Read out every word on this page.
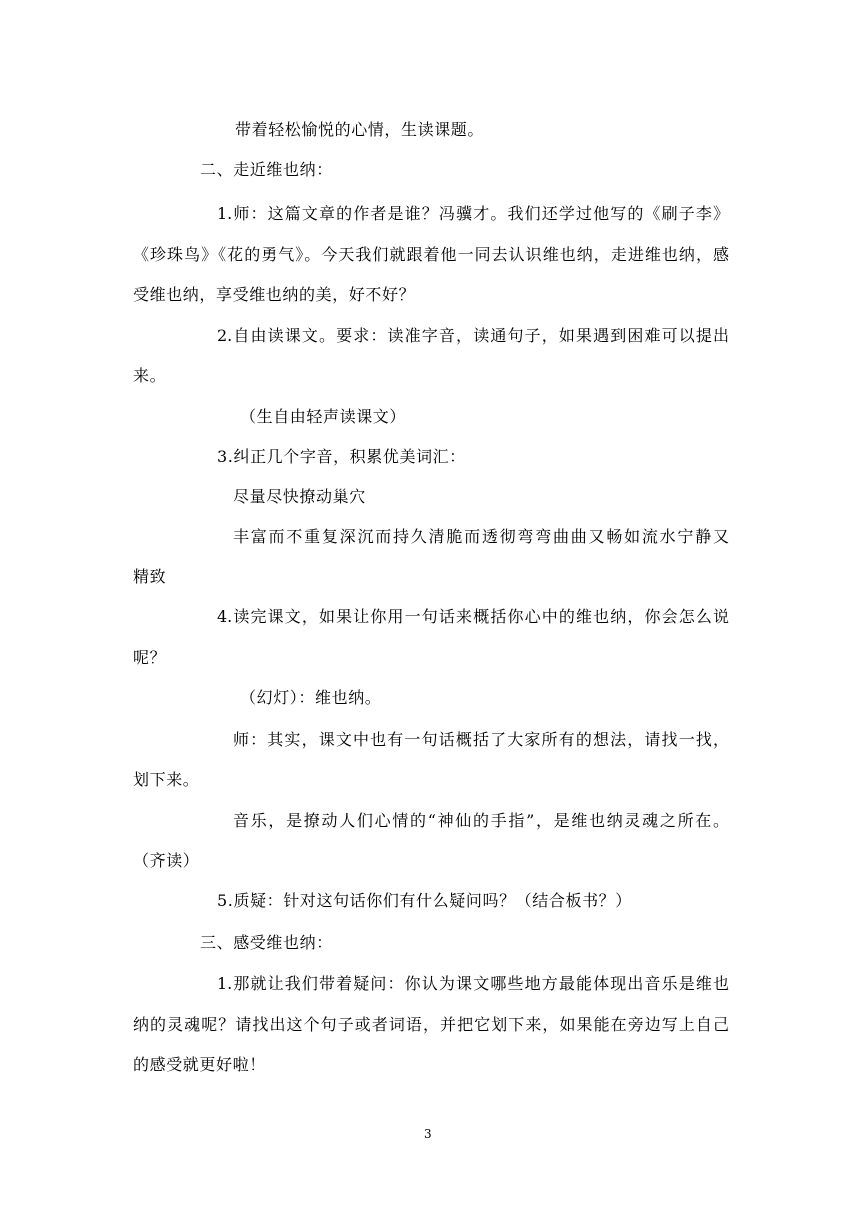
带着轻松愉悦的心情，生读课题。
二、走近维也纳：
1.师：这篇文章的作者是谁？冯骥才。我们还学过他写的《刷子李》
《珍珠鸟》《花的勇气》。今天我们就跟着他一同去认识维也纳，走进维也纳，感
受维也纳，享受维也纳的美，好不好？
2.自由读课文。要求：读准字音，读通句子，如果遇到困难可以提出
来。
（生自由轻声读课文）
3.纠正几个字音，积累优美词汇：
尽量尽快撩动巢穴
丰富而不重复深沉而持久清脆而透彻弯弯曲曲又畅如流水宁静又
精致
4.读完课文，如果让你用一句话来概括你心中的维也纳，你会怎么说
呢？
（幻灯）：维也纳。
师：其实，课文中也有一句话概括了大家所有的想法，请找一找，
划下来。
音乐，是撩动人们心情的“神仙的手指”，是维也纳灵魂之所在。
（齐读）
5.质疑：针对这句话你们有什么疑问吗？（结合板书？）
三、感受维也纳：
1.那就让我们带着疑问：你认为课文哪些地方最能体现出音乐是维也
纳的灵魂呢？请找出这个句子或者词语，并把它划下来，如果能在旁边写上自己
的感受就更好啦！
3
